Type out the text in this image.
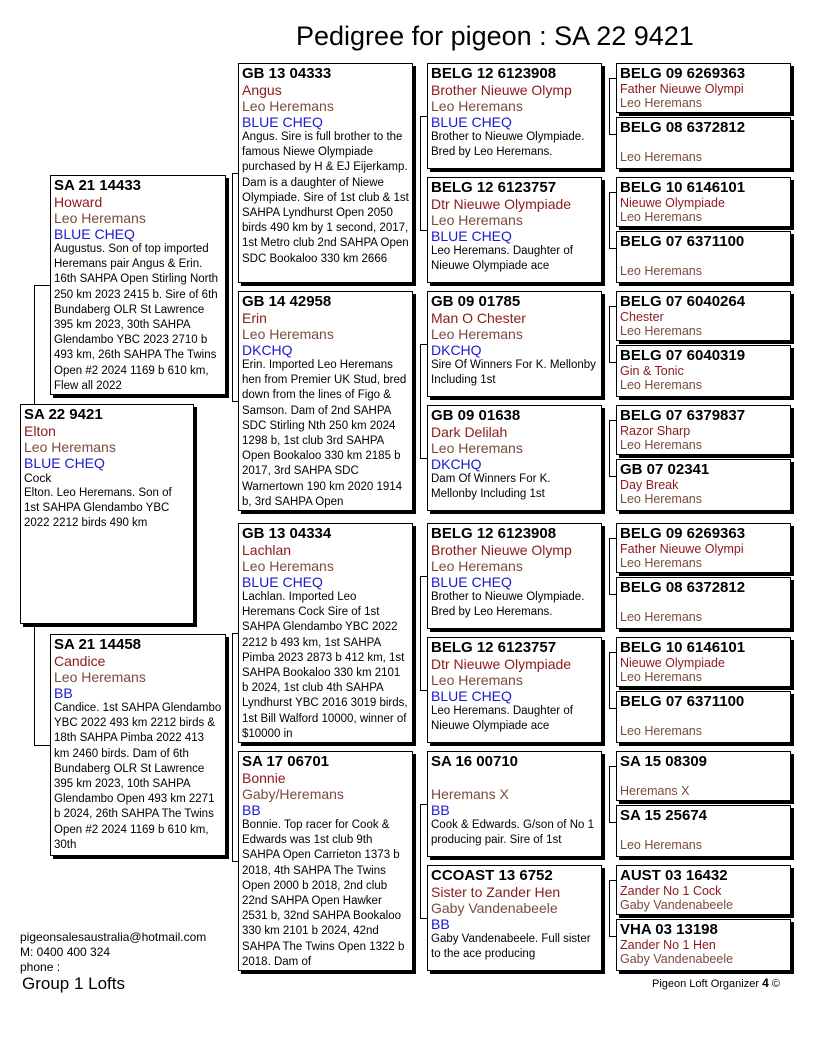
Pedigree for pigeon : SA 22 9421
SA 22 9421
Elton
Leo Heremans
BLUE CHEQ
Cock
Elton. Leo Heremans. Son of 1st SAHPA Glendambo YBC 2022 2212 birds 490 km
SA 21 14433
Howard
Leo Heremans
BLUE CHEQ
Augustus. Son of top imported Heremans pair Angus & Erin. 16th SAHPA Open Stirling North 250 km 2023 2415 b. Sire of 6th Bundaberg OLR St Lawrence 395 km 2023, 30th SAHPA Glendambo YBC 2023 2710 b 493 km, 26th SAHPA The Twins Open #2 2024 1169 b 610 km, Flew all 2022
SA 21 14458
Candice
Leo Heremans
BB
Candice. 1st SAHPA Glendambo YBC 2022 493 km 2212 birds & 18th SAHPA Pimba 2022 413 km 2460 birds. Dam of 6th Bundaberg OLR St Lawrence 395 km 2023, 10th SAHPA Glendambo Open 493 km 2271 b 2024, 26th SAHPA The Twins Open #2 2024 1169 b 610 km, 30th
GB 13 04333
Angus
Leo Heremans
BLUE CHEQ
Angus. Sire is full brother to the famous Niewe Olympiade purchased by H & EJ Eijerkamp. Dam is a daughter of Niewe Olympiade. Sire of 1st club & 1st SAHPA Lyndhurst Open 2050 birds 490 km by 1 second, 2017, 1st Metro club 2nd SAHPA Open SDC Bookaloo 330 km 2666
GB 14 42958
Erin
Leo Heremans
DKCHQ
Erin. Imported Leo Heremans hen from Premier UK Stud, bred down from the lines of Figo & Samson. Dam of 2nd SAHPA SDC Stirling Nth 250 km 2024 1298 b, 1st club 3rd SAHPA Open Bookaloo 330 km 2185 b 2017, 3rd SAHPA SDC Warnertown 190 km 2020 1914 b, 3rd SAHPA Open
GB 13 04334
Lachlan
Leo Heremans
BLUE CHEQ
Lachlan. Imported Leo Heremans Cock Sire of 1st SAHPA Glendambo YBC 2022 2212 b 493 km, 1st SAHPA Pimba 2023 2873 b 412 km, 1st SAHPA Bookaloo 330 km 2101 b 2024, 1st club 4th SAHPA Lyndhurst YBC 2016 3019 birds, 1st Bill Walford 10000, winner of $10000 in
SA 17 06701
Bonnie
Gaby/Heremans
BB
Bonnie. Top racer for Cook & Edwards was 1st club 9th SAHPA Open Carrieton 1373 b 2018, 4th SAHPA The Twins Open 2000 b 2018, 2nd club 22nd SAHPA Open Hawker 2531 b, 32nd SAHPA Bookaloo 330 km 2101 b 2024, 42nd SAHPA The Twins Open 1322 b 2018. Dam of
BELG 12 6123908
Brother Nieuwe Olymp
Leo Heremans
BLUE CHEQ
Brother to Nieuwe Olympiade. Bred by Leo Heremans.
BELG 12 6123757
Dtr Nieuwe Olympiade
Leo Heremans
BLUE CHEQ
Leo Heremans. Daughter of Nieuwe Olympiade ace
GB 09 01785
Man O Chester
Leo Heremans
DKCHQ
Sire Of Winners For K. Mellonby Including 1st
GB 09 01638
Dark Delilah
Leo Heremans
DKCHQ
Dam Of Winners For K. Mellonby Including 1st
BELG 12 6123908
Brother Nieuwe Olymp
Leo Heremans
BLUE CHEQ
Brother to Nieuwe Olympiade. Bred by Leo Heremans.
BELG 12 6123757
Dtr Nieuwe Olympiade
Leo Heremans
BLUE CHEQ
Leo Heremans. Daughter of Nieuwe Olympiade ace
SA 16 00710
Heremans X
BB
Cook & Edwards. G/son of No 1 producing pair. Sire of 1st
CCOAST 13 6752
Sister to Zander Hen
Gaby Vandenabeele
BB
Gaby Vandenabeele. Full sister to the ace producing
BELG 09 6269363
Father Nieuwe Olympi
Leo Heremans
BELG 08 6372812
Leo Heremans
BELG 10 6146101
Nieuwe Olympiade
Leo Heremans
BELG 07 6371100
Leo Heremans
BELG 07 6040264
Chester
Leo Heremans
BELG 07 6040319
Gin & Tonic
Leo Heremans
BELG 07 6379837
Razor Sharp
Leo Heremans
GB 07 02341
Day Break
Leo Heremans
BELG 09 6269363
Father Nieuwe Olympi
Leo Heremans
BELG 08 6372812
Leo Heremans
BELG 10 6146101
Nieuwe Olympiade
Leo Heremans
BELG 07 6371100
Leo Heremans
SA 15 08309
Heremans X
SA 15 25674
Leo Heremans
AUST 03 16432
Zander No 1 Cock
Gaby Vandenabeele
VHA 03 13198
Zander No 1 Hen
Gaby Vandenabeele
pigeonsalesaustralia@hotmail.com
M: 0400 400 324
phone :
Group 1 Lofts	Pigeon Loft Organizer 4 ©
